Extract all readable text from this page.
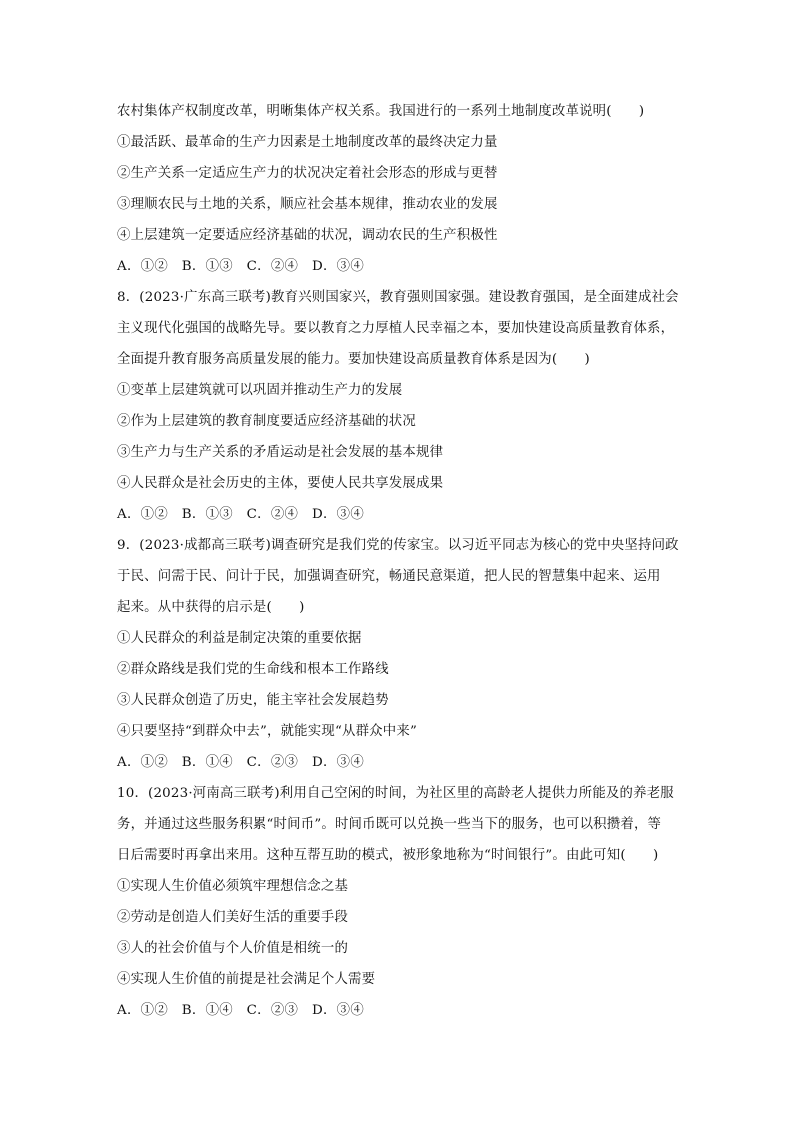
农村集体产权制度改革，明晰集体产权关系。我国进行的一系列土地制度改革说明(　　)
①最活跃、最革命的生产力因素是土地制度改革的最终决定力量
②生产关系一定适应生产力的状况决定着社会形态的形成与更替
③理顺农民与土地的关系，顺应社会基本规律，推动农业的发展
④上层建筑一定要适应经济基础的状况，调动农民的生产积极性
A．①②　B．①③　C．②④　D．③④
8．(2023·广东高三联考)教育兴则国家兴，教育强则国家强。建设教育强国，是全面建成社会
主义现代化强国的战略先导。要以教育之力厚植人民幸福之本，要加快建设高质量教育体系，
全面提升教育服务高质量发展的能力。要加快建设高质量教育体系是因为(　　)
①变革上层建筑就可以巩固并推动生产力的发展
②作为上层建筑的教育制度要适应经济基础的状况
③生产力与生产关系的矛盾运动是社会发展的基本规律
④人民群众是社会历史的主体，要使人民共享发展成果
A．①②　B．①③　C．②④　D．③④
9．(2023·成都高三联考)调查研究是我们党的传家宝。以习近平同志为核心的党中央坚持问政
于民、问需于民、问计于民，加强调查研究，畅通民意渠道，把人民的智慧集中起来、运用
起来。从中获得的启示是(　　)
①人民群众的利益是制定决策的重要依据
②群众路线是我们党的生命线和根本工作路线
③人民群众创造了历史，能主宰社会发展趋势
④只要坚持“到群众中去”，就能实现“从群众中来”
A．①②　B．①④　C．②③　D．③④
10．(2023·河南高三联考)利用自己空闲的时间，为社区里的高龄老人提供力所能及的养老服
务，并通过这些服务积累“时间币”。时间币既可以兑换一些当下的服务，也可以积攒着，等
日后需要时再拿出来用。这种互帮互助的模式，被形象地称为“时间银行”。由此可知(　　)
①实现人生价值必须筑牢理想信念之基
②劳动是创造人们美好生活的重要手段
③人的社会价值与个人价值是相统一的
④实现人生价值的前提是社会满足个人需要
A．①②　B．①④　C．②③　D．③④
